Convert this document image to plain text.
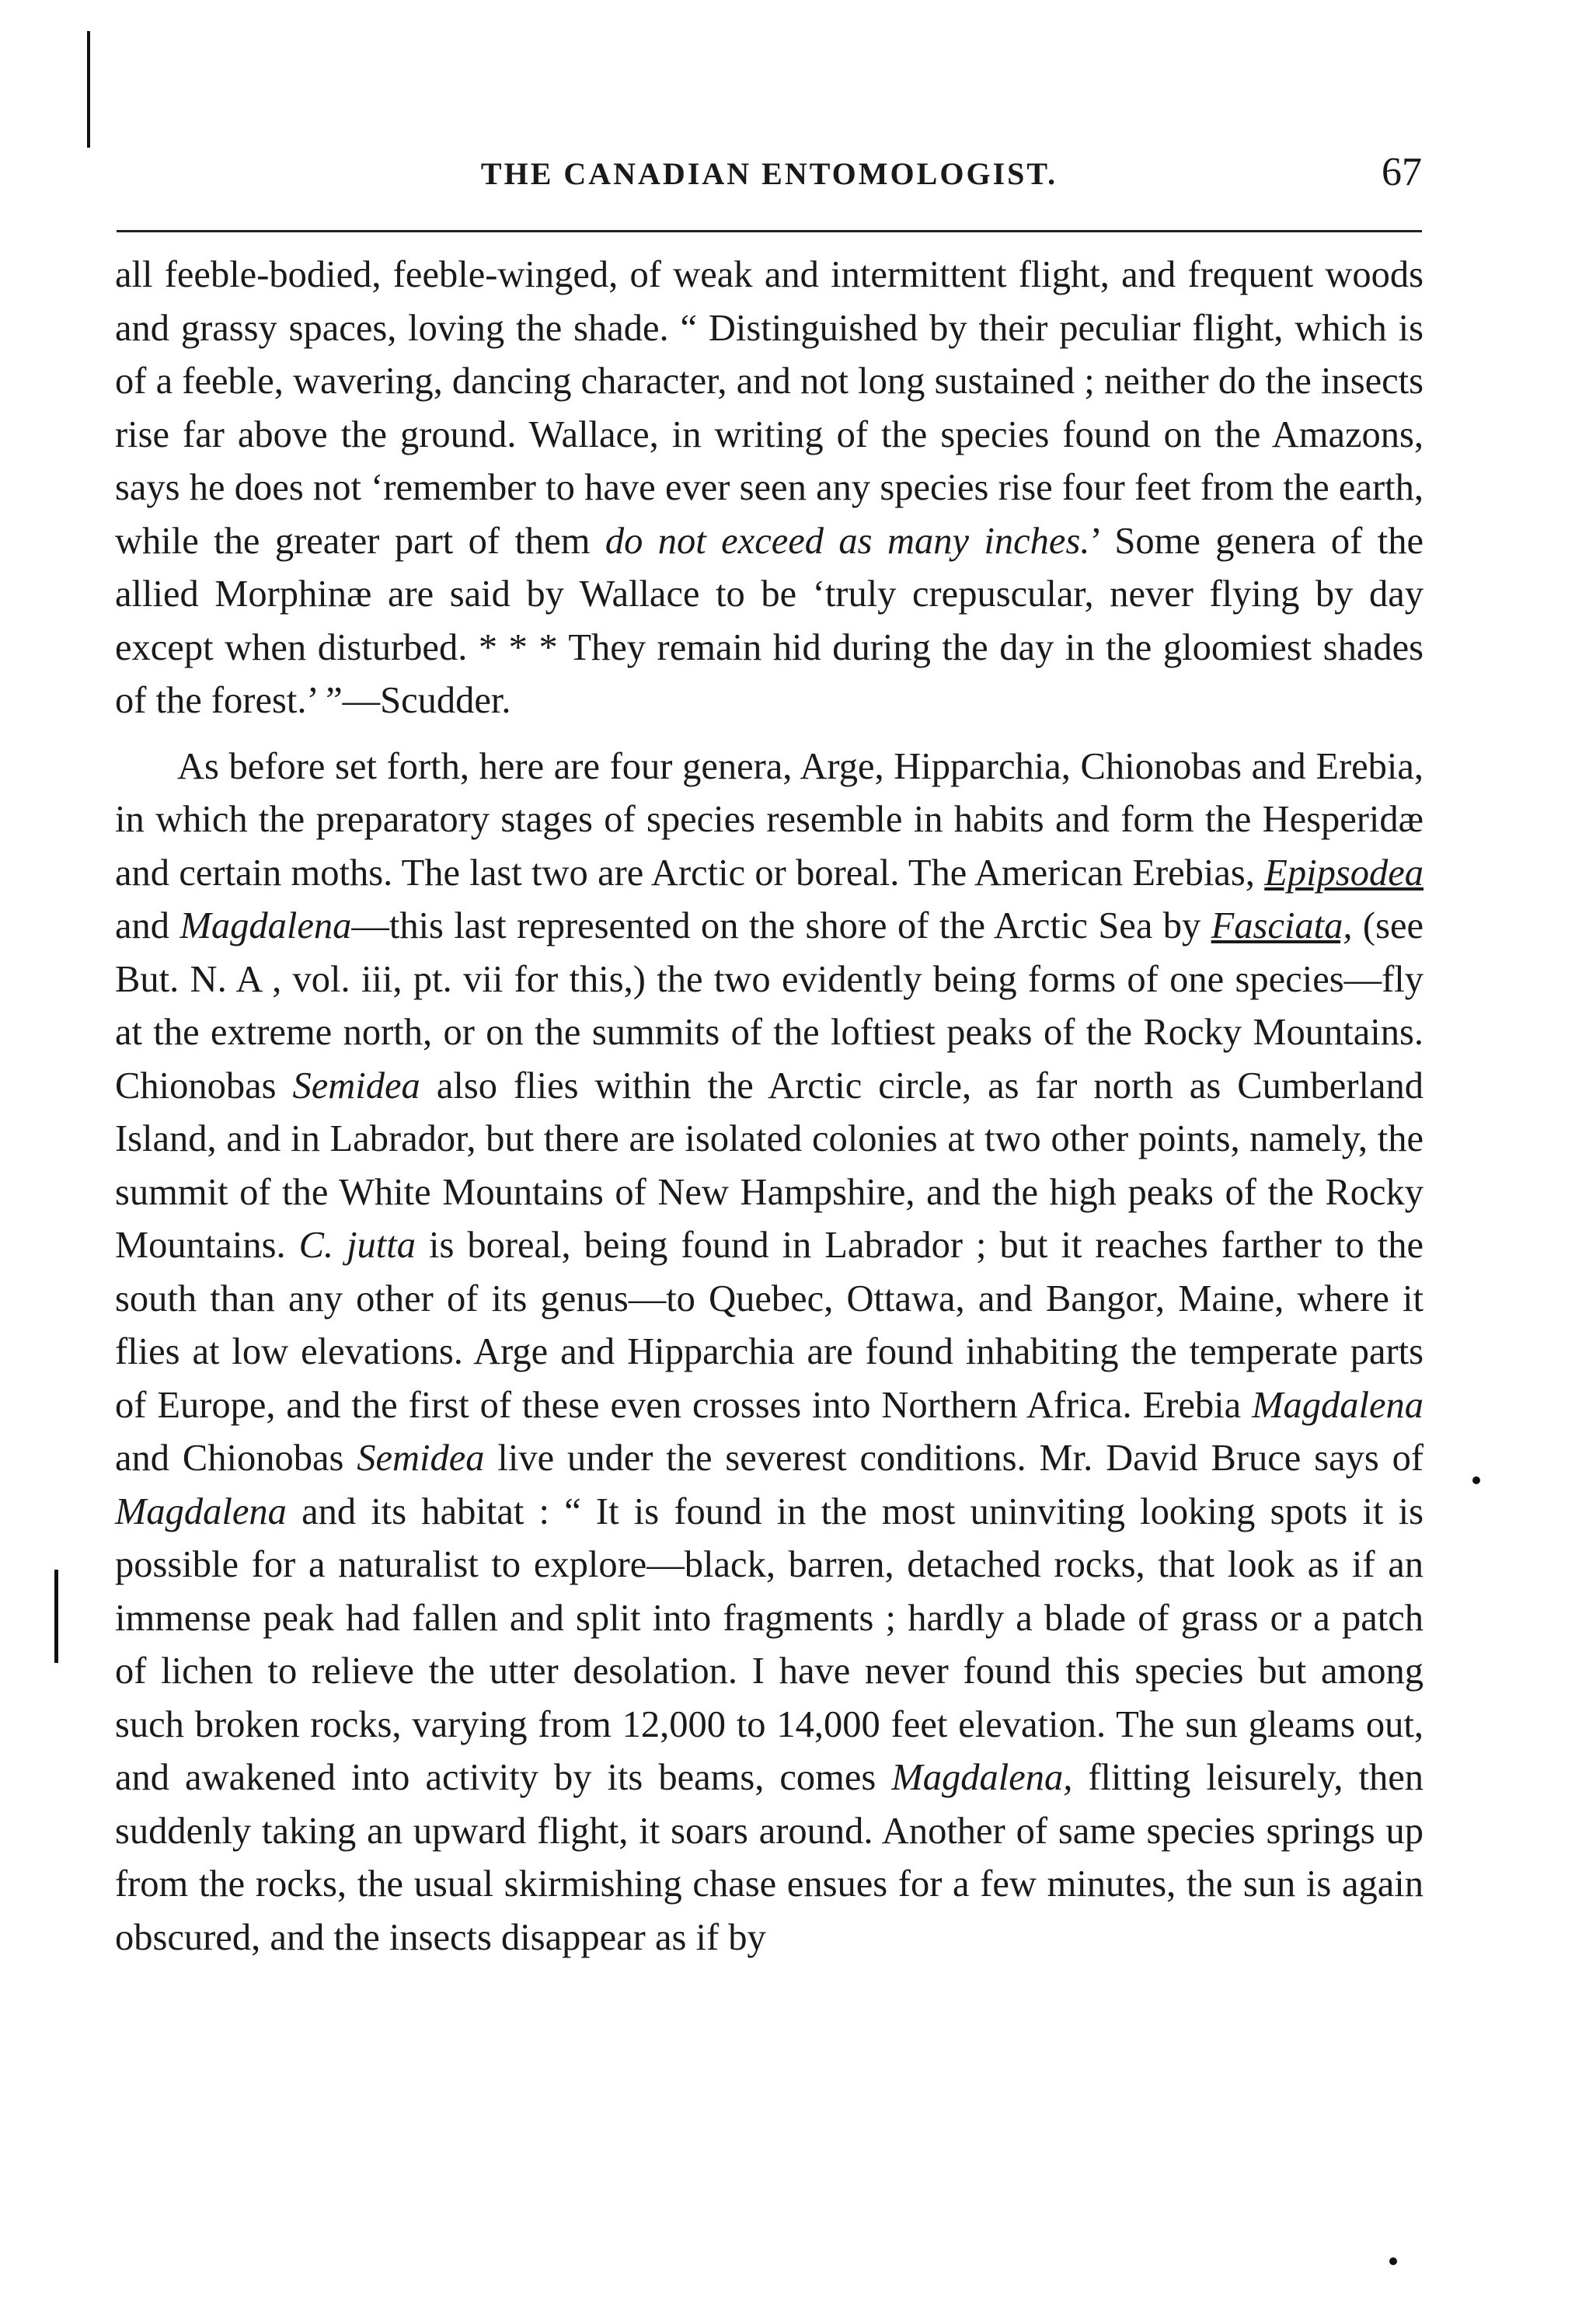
THE CANADIAN ENTOMOLOGIST.	67

all feeble-bodied, feeble-winged, of weak and intermittent flight, and frequent woods and grassy spaces, loving the shade. “ Distinguished by their peculiar flight, which is of a feeble, wavering, dancing character, and not long sustained ; neither do the insects rise far above the ground. Wallace, in writing of the species found on the Amazons, says he does not ‘remember to have ever seen any species rise four feet from the earth, while the greater part of them do not exceed as many inches.’ Some genera of the allied Morphinæ are said by Wallace to be ‘truly crepuscular, never flying by day except when disturbed. * * * They remain hid during the day in the gloomiest shades of the forest.’ ”—Scudder.

As before set forth, here are four genera, Arge, Hipparchia, Chionobas and Erebia, in which the preparatory stages of species resemble in habits and form the Hesperidæ and certain moths. The last two are Arctic or boreal. The American Erebias, Epipsodea and Magdalena—this last represented on the shore of the Arctic Sea by Fasciata, (see But. N. A , vol. iii, pt. vii for this,) the two evidently being forms of one species—fly at the extreme north, or on the summits of the loftiest peaks of the Rocky Mountains. Chionobas Semidea also flies within the Arctic circle, as far north as Cumberland Island, and in Labrador, but there are isolated colonies at two other points, namely, the summit of the White Mountains of New Hampshire, and the high peaks of the Rocky Mountains. C. jutta is boreal, being found in Labrador ; but it reaches farther to the south than any other of its genus—to Quebec, Ottawa, and Bangor, Maine, where it flies at low elevations. Arge and Hipparchia are found inhabiting the temperate parts of Europe, and the first of these even crosses into Northern Africa. Erebia Magdalena and Chionobas Semidea live under the severest conditions. Mr. David Bruce says of Magdalena and its habitat : “ It is found in the most uninviting looking spots it is possible for a naturalist to explore—black, barren, detached rocks, that look as if an immense peak had fallen and split into fragments ; hardly a blade of grass or a patch of lichen to relieve the utter desolation. I have never found this species but among such broken rocks, varying from 12,000 to 14,000 feet elevation. The sun gleams out, and awakened into activity by its beams, comes Magdalena, flitting leisurely, then suddenly taking an upward flight, it soars around. Another of same species springs up from the rocks, the usual skirmishing chase ensues for a few minutes, the sun is again obscured, and the insects disappear as if by
